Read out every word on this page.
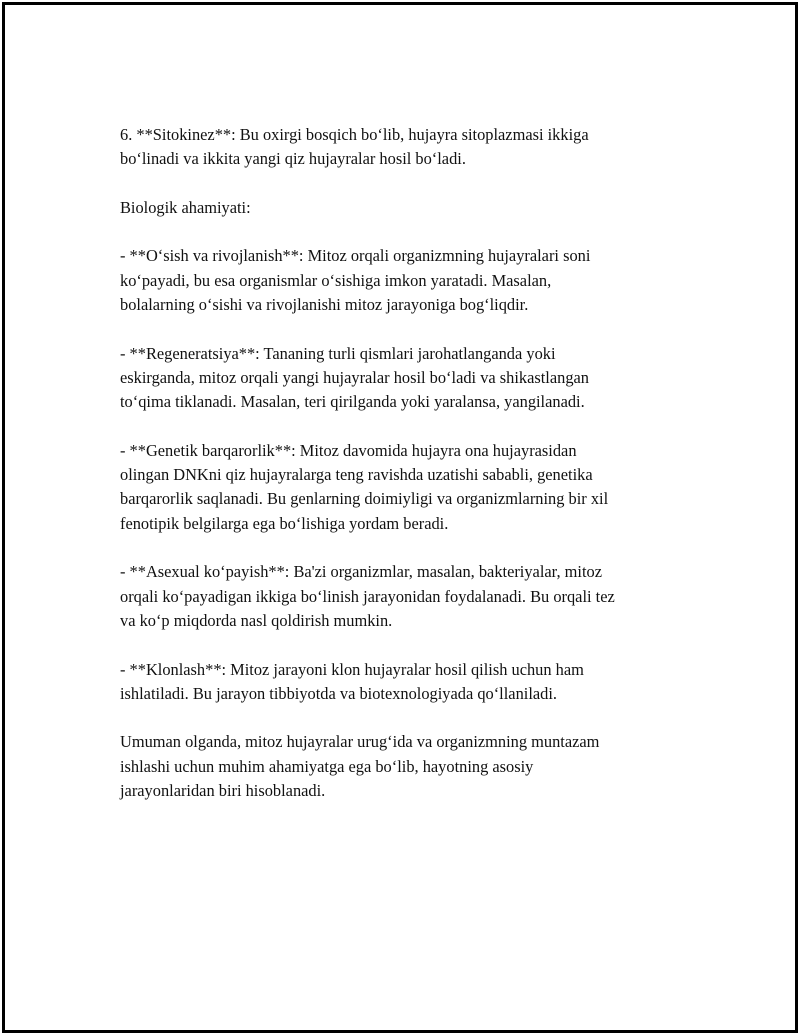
6. **Sitokinez**: Bu oxirgi bosqich bo‘lib, hujayra sitoplazmasi ikkiga
bo‘linadi va ikkita yangi qiz hujayralar hosil bo‘ladi.

Biologik ahamiyati:

- **O‘sish va rivojlanish**: Mitoz orqali organizmning hujayralari soni
ko‘payadi, bu esa organismlar o‘sishiga imkon yaratadi. Masalan,
bolalarning o‘sishi va rivojlanishi mitoz jarayoniga bog‘liqdir.

- **Regeneratsiya**: Tananing turli qismlari jarohatlanganda yoki
eskirganda, mitoz orqali yangi hujayralar hosil bo‘ladi va shikastlangan
to‘qima tiklanadi. Masalan, teri qirilganda yoki yaralansa, yangilanadi.

- **Genetik barqarorlik**: Mitoz davomida hujayra ona hujayrasidan
olingan DNKni qiz hujayralarga teng ravishda uzatishi sababli, genetika
barqarorlik saqlanadi. Bu genlarning doimiyligi va organizmlarning bir xil
fenotipik belgilarga ega bo‘lishiga yordam beradi.

- **Asexual ko‘payish**: Ba'zi organizmlar, masalan, bakteriyalar, mitoz
orqali ko‘payadigan ikkiga bo‘linish jarayonidan foydalanadi. Bu orqali tez
va ko‘p miqdorda nasl qoldirish mumkin.

- **Klonlash**: Mitoz jarayoni klon hujayralar hosil qilish uchun ham
ishlatiladi. Bu jarayon tibbiyotda va biotexnologiyada qo‘llaniladi.

Umuman olganda, mitoz hujayralar urug‘ida va organizmning muntazam
ishlashi uchun muhim ahamiyatga ega bo‘lib, hayotning asosiy
jarayonlaridan biri hisoblanadi.
